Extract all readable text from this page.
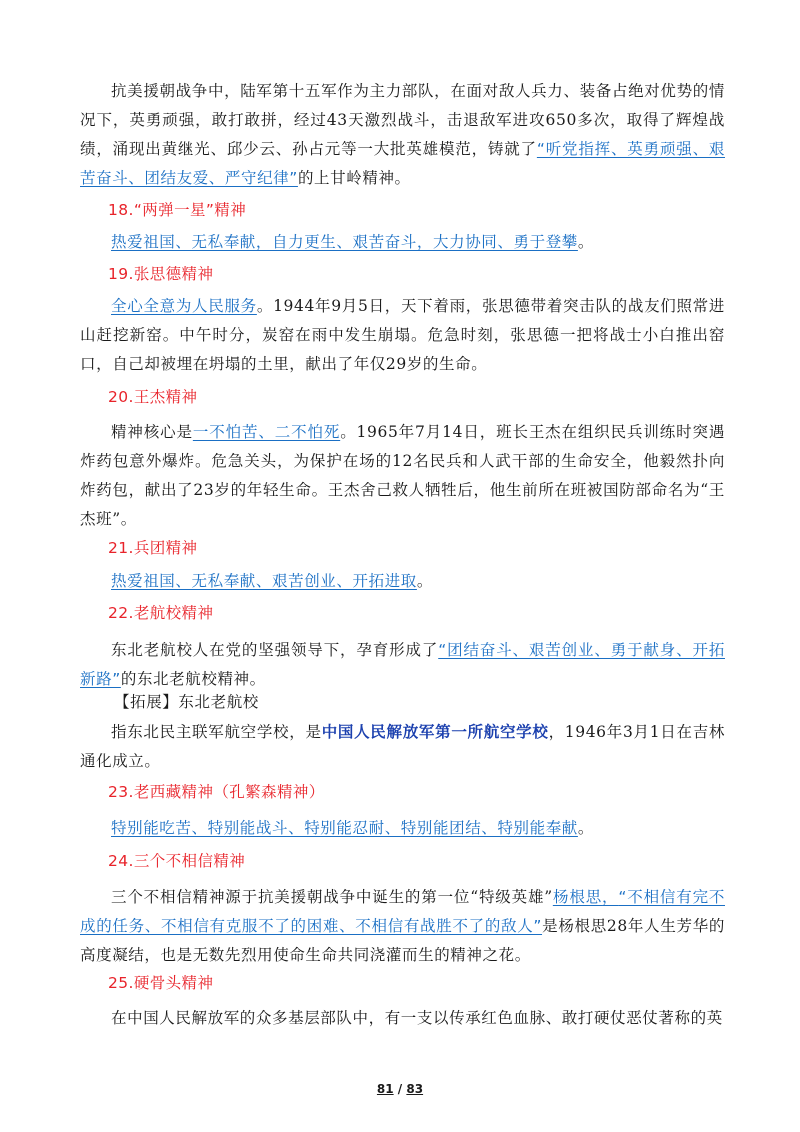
抗美援朝战争中，陆军第十五军作为主力部队，在面对敌人兵力、装备占绝对优势的情况下，英勇顽强，敢打敢拼，经过43天激烈战斗，击退敌军进攻650多次，取得了辉煌战绩，涌现出黄继光、邱少云、孙占元等一大批英雄模范，铸就了“听党指挥、英勇顽强、艰苦奋斗、团结友爱、严守纪律”的上甘岭精神。

18.“两弹一星”精神

热爱祖国、无私奉献，自力更生、艰苦奋斗，大力协同、勇于登攀。

19.张思德精神

全心全意为人民服务。1944年9月5日，天下着雨，张思德带着突击队的战友们照常进山赶挖新窑。中午时分，炭窑在雨中发生崩塌。危急时刻，张思德一把将战士小白推出窑口，自己却被埋在坍塌的土里，献出了年仅29岁的生命。

20.王杰精神

精神核心是一不怕苦、二不怕死。1965年7月14日，班长王杰在组织民兵训练时突遇炸药包意外爆炸。危急关头，为保护在场的12名民兵和人武干部的生命安全，他毅然扑向炸药包，献出了23岁的年轻生命。王杰舍己救人牺牲后，他生前所在班被国防部命名为“王杰班”。

21.兵团精神

热爱祖国、无私奉献、艰苦创业、开拓进取。

22.老航校精神

东北老航校人在党的坚强领导下，孕育形成了“团结奋斗、艰苦创业、勇于献身、开拓新路”的东北老航校精神。

【拓展】东北老航校

指东北民主联军航空学校，是中国人民解放军第一所航空学校，1946年3月1日在吉林通化成立。

23.老西藏精神（孔繁森精神）

特别能吃苦、特别能战斗、特别能忍耐、特别能团结、特别能奉献。

24.三个不相信精神

三个不相信精神源于抗美援朝战争中诞生的第一位“特级英雄”杨根思，“不相信有完不成的任务、不相信有克服不了的困难、不相信有战胜不了的敌人”是杨根思28年人生芳华的高度凝结，也是无数先烈用使命生命共同浇灌而生的精神之花。

25.硬骨头精神

在中国人民解放军的众多基层部队中，有一支以传承红色血脉、敢打硬仗恶仗著称的英

81 / 83
